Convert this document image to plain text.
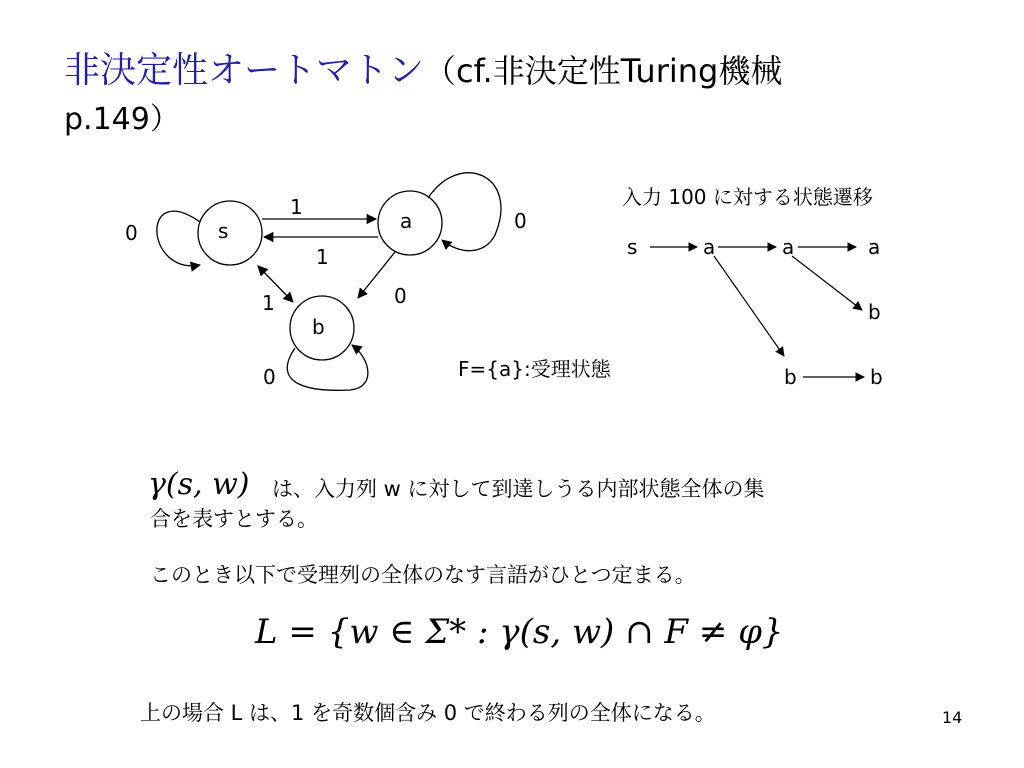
非決定性オートマトン（cf.非決定性Turing機械
p.149）
s	a
b
0
1
1
0
0
1
0	F={a}:受理状態
入力 100 に対する状態遷移
s	a	a	a
b
b	b
γ(s, w) は、入力列 w に対して到達しうる内部状態全体の集
合を表すとする。
このとき以下で受理列の全体のなす言語がひとつ定まる。
L = {w ∈ Σ* : γ(s, w) ∩ F ≠ φ}
上の場合 L は、1 を奇数個含み 0 で終わる列の全体になる。	14
